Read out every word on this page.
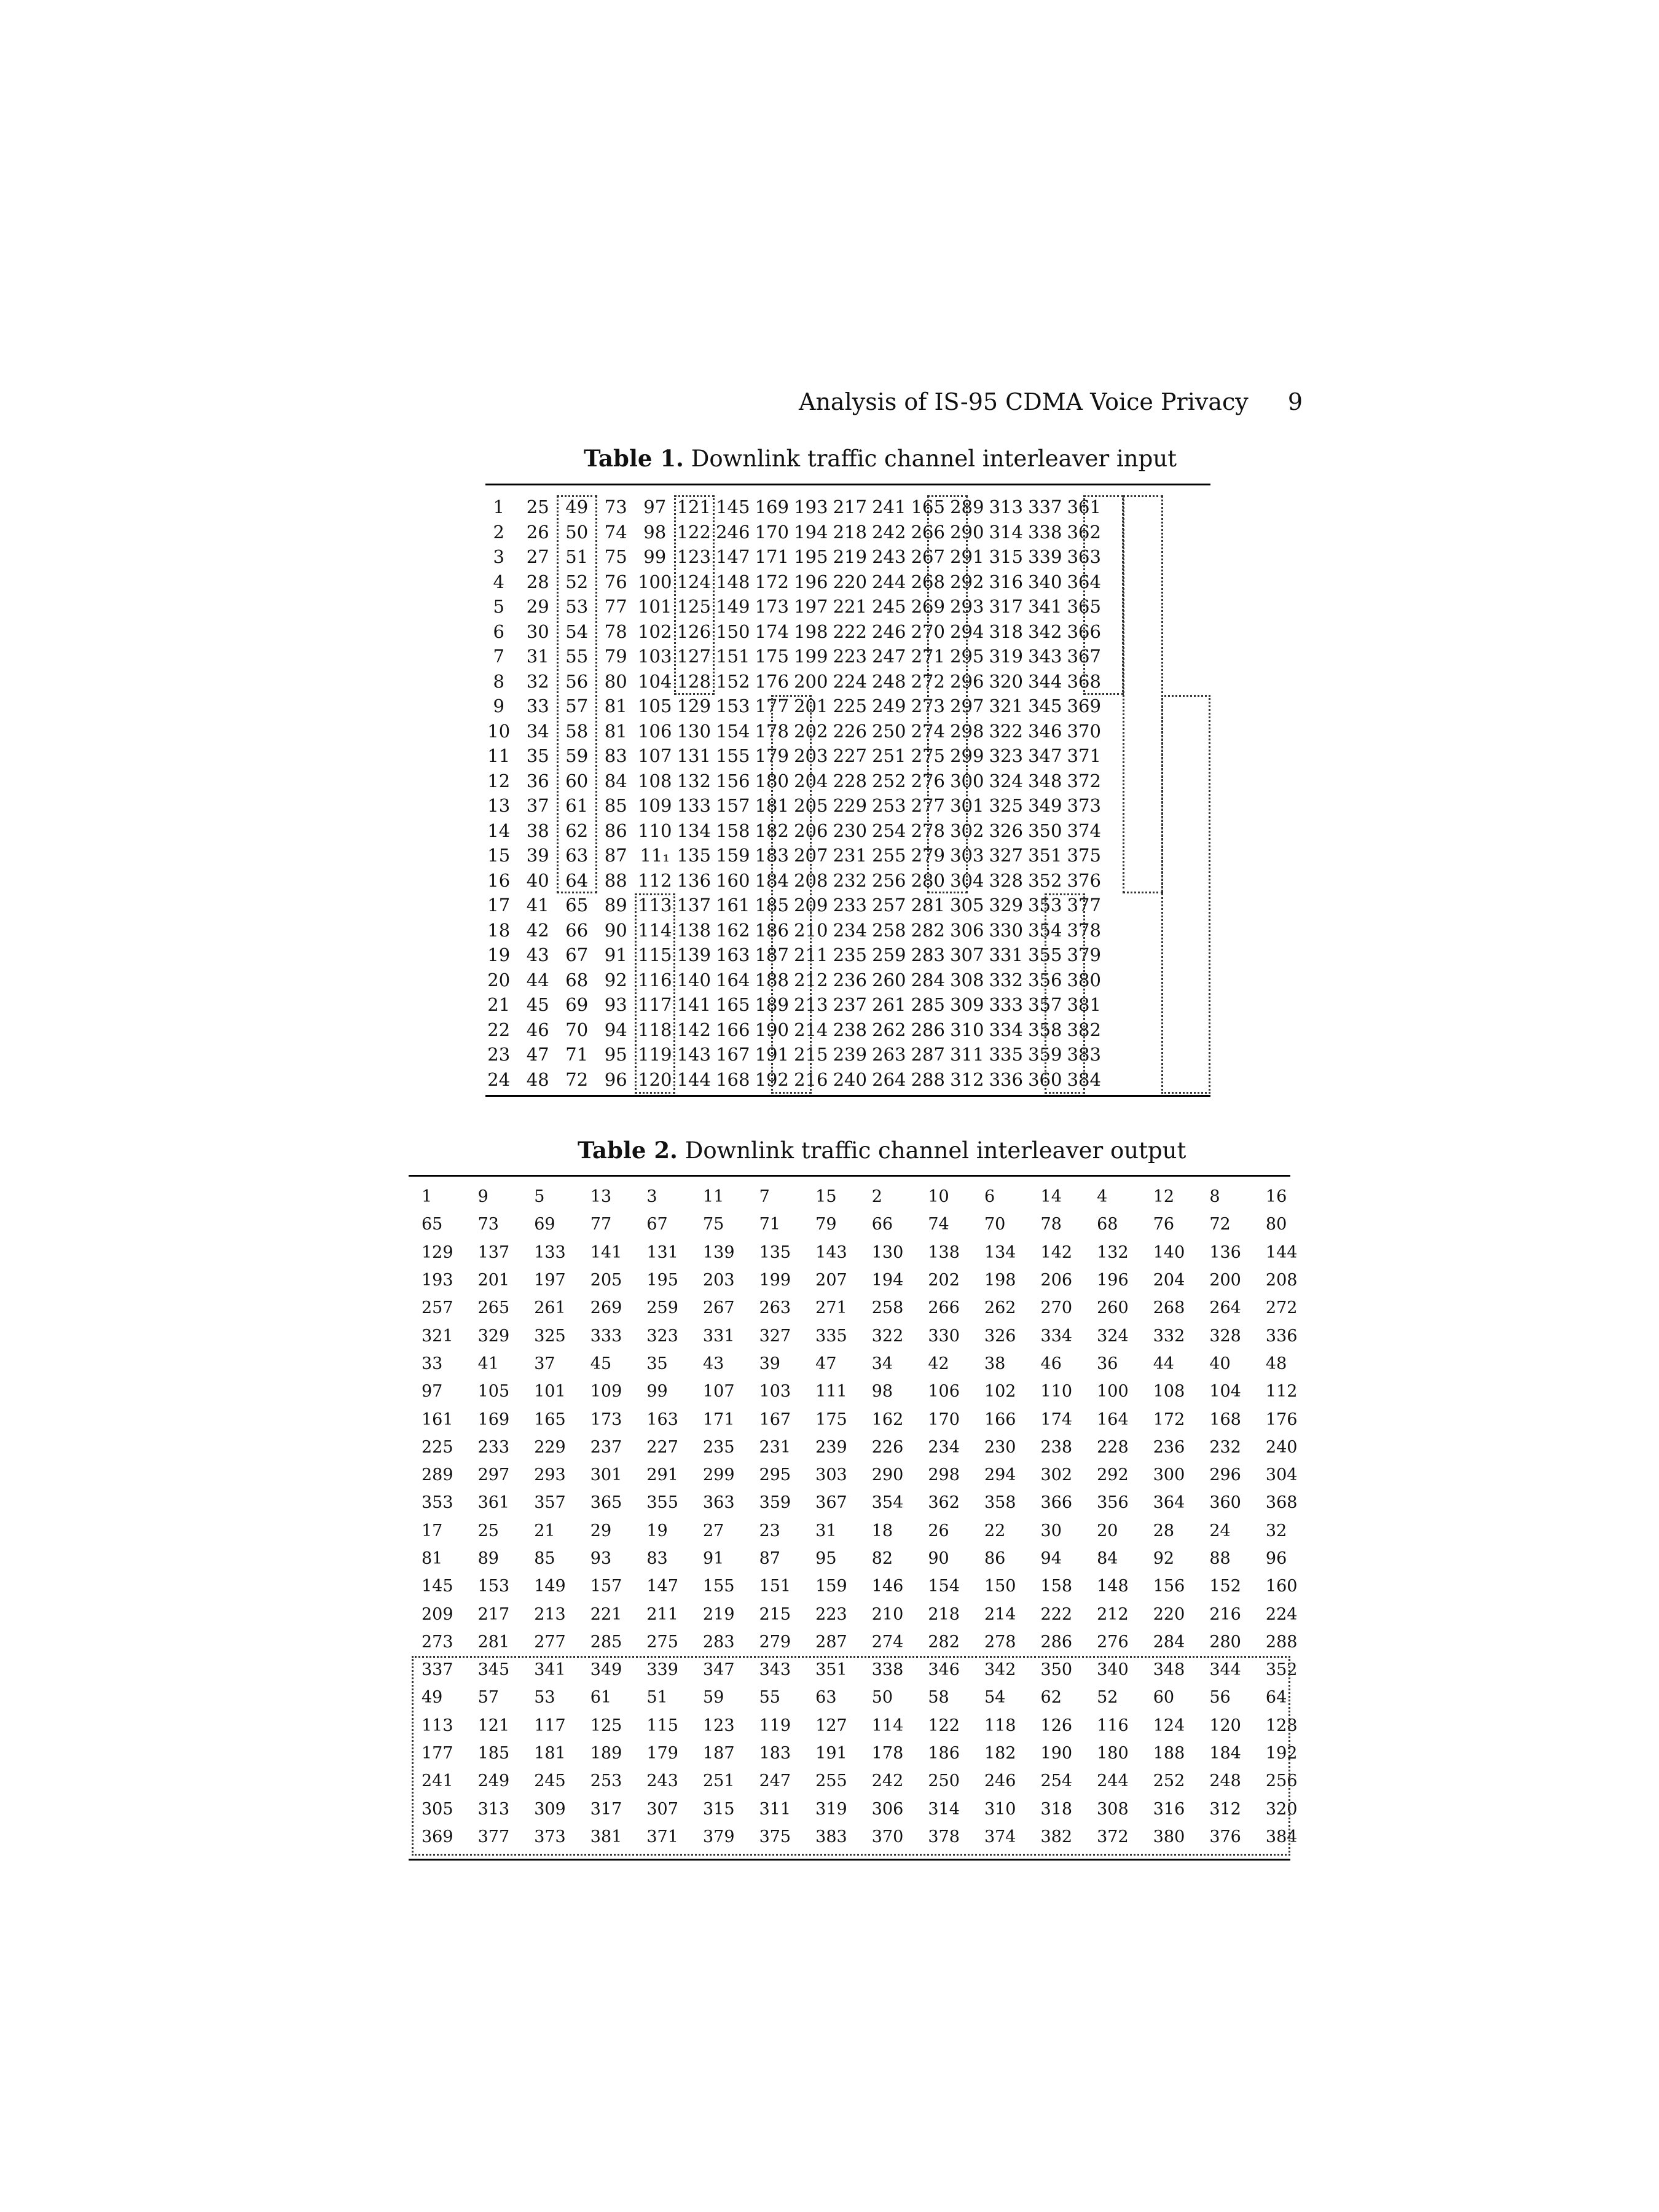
Analysis of IS-95 CDMA Voice Privacy 9
Table 1. Downlink traffic channel interleaver input
1	25	49	73	97	121	145	169	193	217	241	165	289	313	337	361
2	26	50	74	98	122	246	170	194	218	242	266	290	314	338	362
3	27	51	75	99	123	147	171	195	219	243	267	291	315	339	363
4	28	52	76	100	124	148	172	196	220	244	268	292	316	340	364
5	29	53	77	101	125	149	173	197	221	245	269	293	317	341	365
6	30	54	78	102	126	150	174	198	222	246	270	294	318	342	366
7	31	55	79	103	127	151	175	199	223	247	271	295	319	343	367
8	32	56	80	104	128	152	176	200	224	248	272	296	320	344	368
9	33	57	81	105	129	153	177	201	225	249	273	297	321	345	369
10	34	58	81	106	130	154	178	202	226	250	274	298	322	346	370
11	35	59	83	107	131	155	179	203	227	251	275	299	323	347	371
12	36	60	84	108	132	156	180	204	228	252	276	300	324	348	372
13	37	61	85	109	133	157	181	205	229	253	277	301	325	349	373
14	38	62	86	110	134	158	182	206	230	254	278	302	326	350	374
15	39	63	87	11₁	135	159	183	207	231	255	279	303	327	351	375
16	40	64	88	112	136	160	184	208	232	256	280	304	328	352	376
17	41	65	89	113	137	161	185	209	233	257	281	305	329	353	377
18	42	66	90	114	138	162	186	210	234	258	282	306	330	354	378
19	43	67	91	115	139	163	187	211	235	259	283	307	331	355	379
20	44	68	92	116	140	164	188	212	236	260	284	308	332	356	380
21	45	69	93	117	141	165	189	213	237	261	285	309	333	357	381
22	46	70	94	118	142	166	190	214	238	262	286	310	334	358	382
23	47	71	95	119	143	167	191	215	239	263	287	311	335	359	383
24	48	72	96	120	144	168	192	216	240	264	288	312	336	360	384
Table 2. Downlink traffic channel interleaver output
1	9	5	13	3	11	7	15	2	10	6	14	4	12	8	16
65	73	69	77	67	75	71	79	66	74	70	78	68	76	72	80
129	137	133	141	131	139	135	143	130	138	134	142	132	140	136	144
193	201	197	205	195	203	199	207	194	202	198	206	196	204	200	208
257	265	261	269	259	267	263	271	258	266	262	270	260	268	264	272
321	329	325	333	323	331	327	335	322	330	326	334	324	332	328	336
33	41	37	45	35	43	39	47	34	42	38	46	36	44	40	48
97	105	101	109	99	107	103	111	98	106	102	110	100	108	104	112
161	169	165	173	163	171	167	175	162	170	166	174	164	172	168	176
225	233	229	237	227	235	231	239	226	234	230	238	228	236	232	240
289	297	293	301	291	299	295	303	290	298	294	302	292	300	296	304
353	361	357	365	355	363	359	367	354	362	358	366	356	364	360	368
17	25	21	29	19	27	23	31	18	26	22	30	20	28	24	32
81	89	85	93	83	91	87	95	82	90	86	94	84	92	88	96
145	153	149	157	147	155	151	159	146	154	150	158	148	156	152	160
209	217	213	221	211	219	215	223	210	218	214	222	212	220	216	224
273	281	277	285	275	283	279	287	274	282	278	286	276	284	280	288
337	345	341	349	339	347	343	351	338	346	342	350	340	348	344	352
49	57	53	61	51	59	55	63	50	58	54	62	52	60	56	64
113	121	117	125	115	123	119	127	114	122	118	126	116	124	120	128
177	185	181	189	179	187	183	191	178	186	182	190	180	188	184	192
241	249	245	253	243	251	247	255	242	250	246	254	244	252	248	256
305	313	309	317	307	315	311	319	306	314	310	318	308	316	312	320
369	377	373	381	371	379	375	383	370	378	374	382	372	380	376	384
